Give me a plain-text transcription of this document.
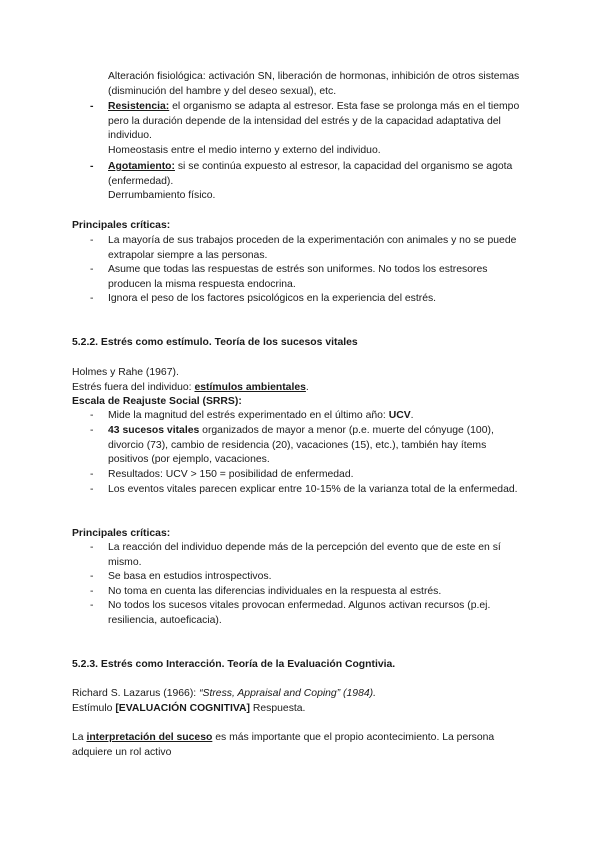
Alteración fisiológica: activación SN, liberación de hormonas, inhibición de otros sistemas (disminución del hambre y del deseo sexual), etc.
-	Resistencia: el organismo se adapta al estresor. Esta fase se prolonga más en el tiempo pero la duración depende de la intensidad del estrés y de la capacidad adaptativa del individuo.
Homeostasis entre el medio interno y externo del individuo.
-	Agotamiento: si se continúa expuesto al estresor, la capacidad del organismo se agota (enfermedad).
Derrumbamiento físico.
Principales críticas:
-	La mayoría de sus trabajos proceden de la experimentación con animales y no se puede extrapolar siempre a las personas.
-	Asume que todas las respuestas de estrés son uniformes. No todos los estresores producen la misma respuesta endocrina.
-	Ignora el peso de los factores psicológicos en la experiencia del estrés.
5.2.2. Estrés como estímulo. Teoría de los sucesos vitales
Holmes y Rahe (1967).
Estrés fuera del individuo: estímulos ambientales.
Escala de Reajuste Social (SRRS):
-	Mide la magnitud del estrés experimentado en el último año: UCV.
-	43 sucesos vitales organizados de mayor a menor (p.e. muerte del cónyuge (100), divorcio (73), cambio de residencia (20), vacaciones (15), etc.), también hay ítems positivos (por ejemplo, vacaciones.
-	Resultados: UCV > 150 = posibilidad de enfermedad.
-	Los eventos vitales parecen explicar entre 10-15% de la varianza total de la enfermedad.
Principales críticas:
-	La reacción del individuo depende más de la percepción del evento que de este en sí mismo.
-	Se basa en estudios introspectivos.
-	No toma en cuenta las diferencias individuales en la respuesta al estrés.
-	No todos los sucesos vitales provocan enfermedad. Algunos activan recursos (p.ej. resiliencia, autoeficacia).
5.2.3. Estrés como Interacción. Teoría de la Evaluación Cogntivia.
Richard S. Lazarus (1966): “Stress, Appraisal and Coping” (1984).
Estímulo [EVALUACIÓN COGNITIVA] Respuesta.
La interpretación del suceso es más importante que el propio acontecimiento. La persona adquiere un rol activo
